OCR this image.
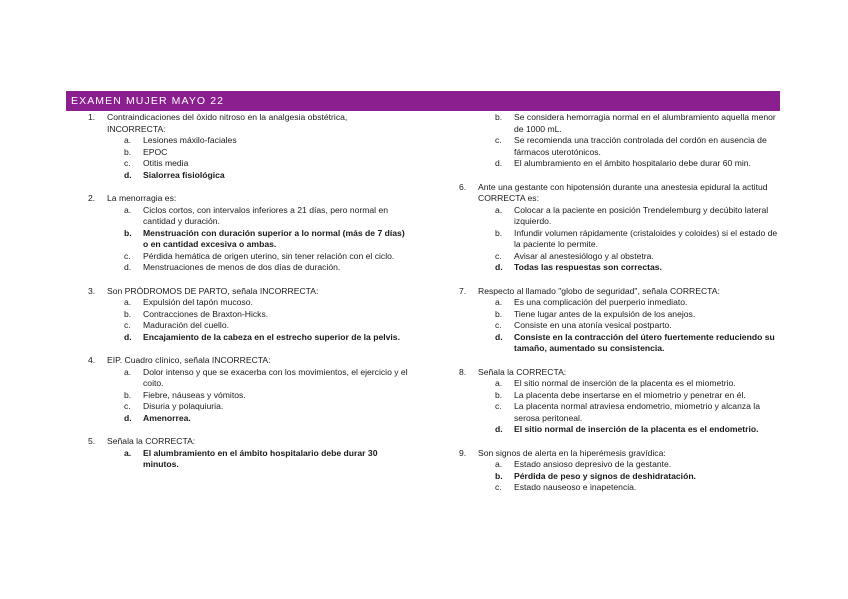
EXAMEN MUJER MAYO 22
1. Contraindicaciones del óxido nitroso en la analgesia obstétrica, INCORRECTA:
a. Lesiones máxilo-faciales
b. EPOC
c. Otitis media
d. Sialorrea fisiológica
2. La menorragia es:
a. Ciclos cortos, con intervalos inferiores a 21 días, pero normal en cantidad y duración.
b. Menstruación con duración superior a lo normal (más de 7 días) o en cantidad excesiva o ambas.
c. Pérdida hemática de origen uterino, sin tener relación con el ciclo.
d. Menstruaciones de menos de dos días de duración.
3. Son PRÓDROMOS DE PARTO, señala INCORRECTA:
a. Expulsión del tapón mucoso.
b. Contracciones de Braxton-Hicks.
c. Maduración del cuello.
d. Encajamiento de la cabeza en el estrecho superior de la pelvis.
4. EIP. Cuadro clínico, señala INCORRECTA:
a. Dolor intenso y que se exacerba con los movimientos, el ejercicio y el coito.
b. Fiebre, náuseas y vómitos.
c. Disuria y polaquiuria.
d. Amenorrea.
5. Señala la CORRECTA:
a. El alumbramiento en el ámbito hospitalario debe durar 30 minutos.
b. Se considera hemorragia normal en el alumbramiento aquella menor de 1000 mL.
c. Se recomienda una tracción controlada del cordón en ausencia de fármacos uterotónicos.
d. El alumbramiento en el ámbito hospitalario debe durar 60 min.
6. Ante una gestante con hipotensión durante una anestesia epidural la actitud CORRECTA es:
a. Colocar a la paciente en posición Trendelemburg y decúbito lateral izquierdo.
b. Infundir volumen rápidamente (cristaloides y coloides) si el estado de la paciente lo permite.
c. Avisar al anestesiólogo y al obstetra.
d. Todas las respuestas son correctas.
7. Respecto al llamado "globo de seguridad", señala CORRECTA:
a. Es una complicación del puerperio inmediato.
b. Tiene lugar antes de la expulsión de los anejos.
c. Consiste en una atonía vesical postparto.
d. Consiste en la contracción del útero fuertemente reduciendo su tamaño, aumentado su consistencia.
8. Señala la CORRECTA:
a. El sitio normal de inserción de la placenta es el miometrio.
b. La placenta debe insertarse en el miometrio y penetrar en él.
c. La placenta normal atraviesa endometrio, miometrio y alcanza la serosa peritoneal.
d. El sitio normal de inserción de la placenta es el endometrio.
9. Son signos de alerta en la hiperémesis gravídica:
a. Estado ansioso depresivo de la gestante.
b. Pérdida de peso y signos de deshidratación.
c. Estado nauseoso e inapetencia.
